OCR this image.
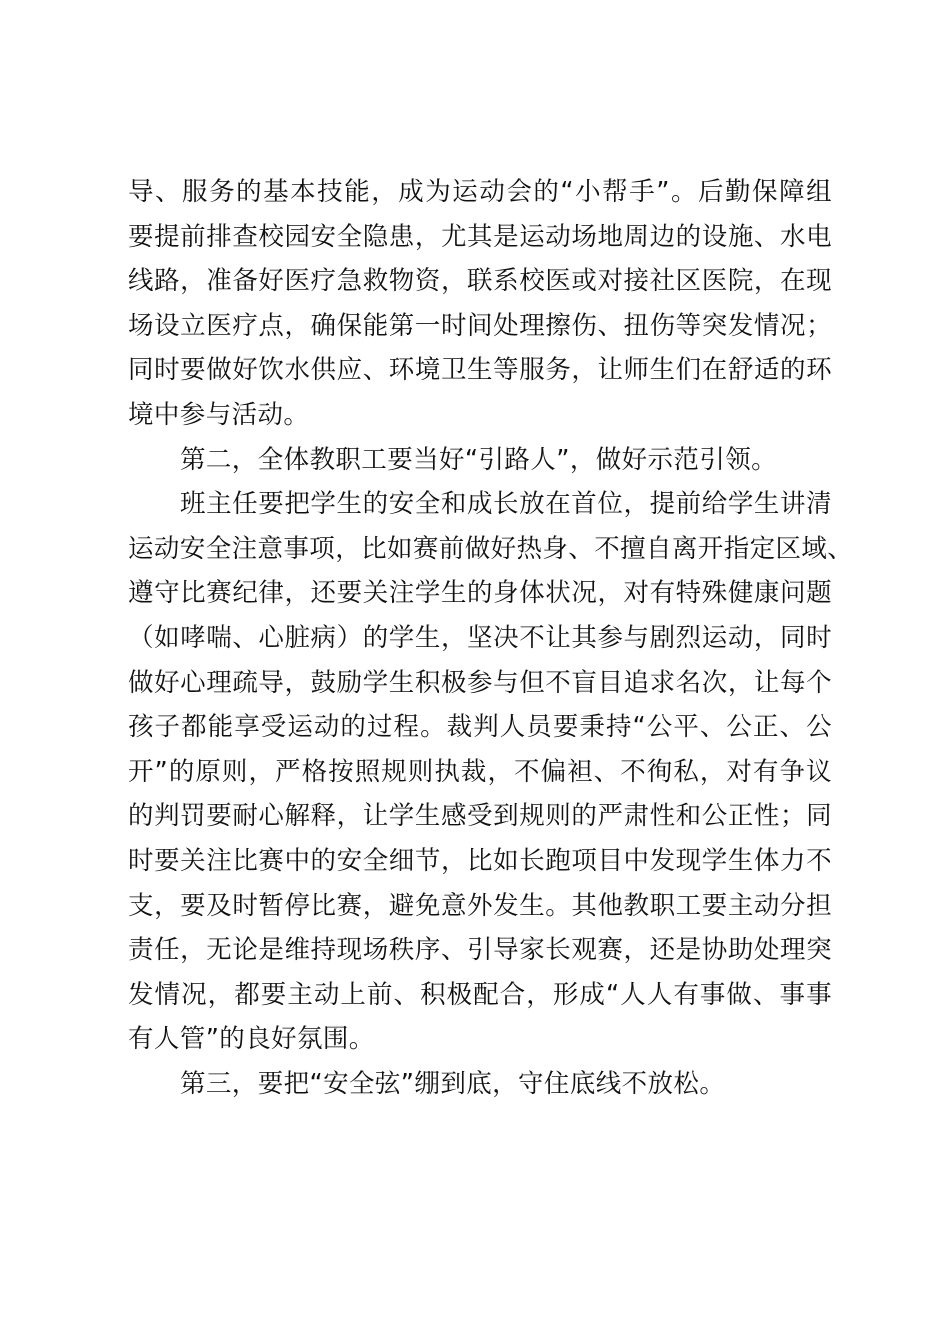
导、服务的基本技能，成为运动会的“小帮手”。后勤保障组
要提前排查校园安全隐患，尤其是运动场地周边的设施、水电
线路，准备好医疗急救物资，联系校医或对接社区医院，在现
场设立医疗点，确保能第一时间处理擦伤、扭伤等突发情况；
同时要做好饮水供应、环境卫生等服务，让师生们在舒适的环
境中参与活动。

第二，全体教职工要当好“引路人”，做好示范引领。

班主任要把学生的安全和成长放在首位，提前给学生讲清
运动安全注意事项，比如赛前做好热身、不擅自离开指定区域、
遵守比赛纪律，还要关注学生的身体状况，对有特殊健康问题
（如哮喘、心脏病）的学生，坚决不让其参与剧烈运动，同时
做好心理疏导，鼓励学生积极参与但不盲目追求名次，让每个
孩子都能享受运动的过程。裁判人员要秉持“公平、公正、公
开”的原则，严格按照规则执裁，不偏袒、不徇私，对有争议
的判罚要耐心解释，让学生感受到规则的严肃性和公正性；同
时要关注比赛中的安全细节，比如长跑项目中发现学生体力不
支，要及时暂停比赛，避免意外发生。其他教职工要主动分担
责任，无论是维持现场秩序、引导家长观赛，还是协助处理突
发情况，都要主动上前、积极配合，形成“人人有事做、事事
有人管”的良好氛围。

第三，要把“安全弦”绷到底，守住底线不放松。
